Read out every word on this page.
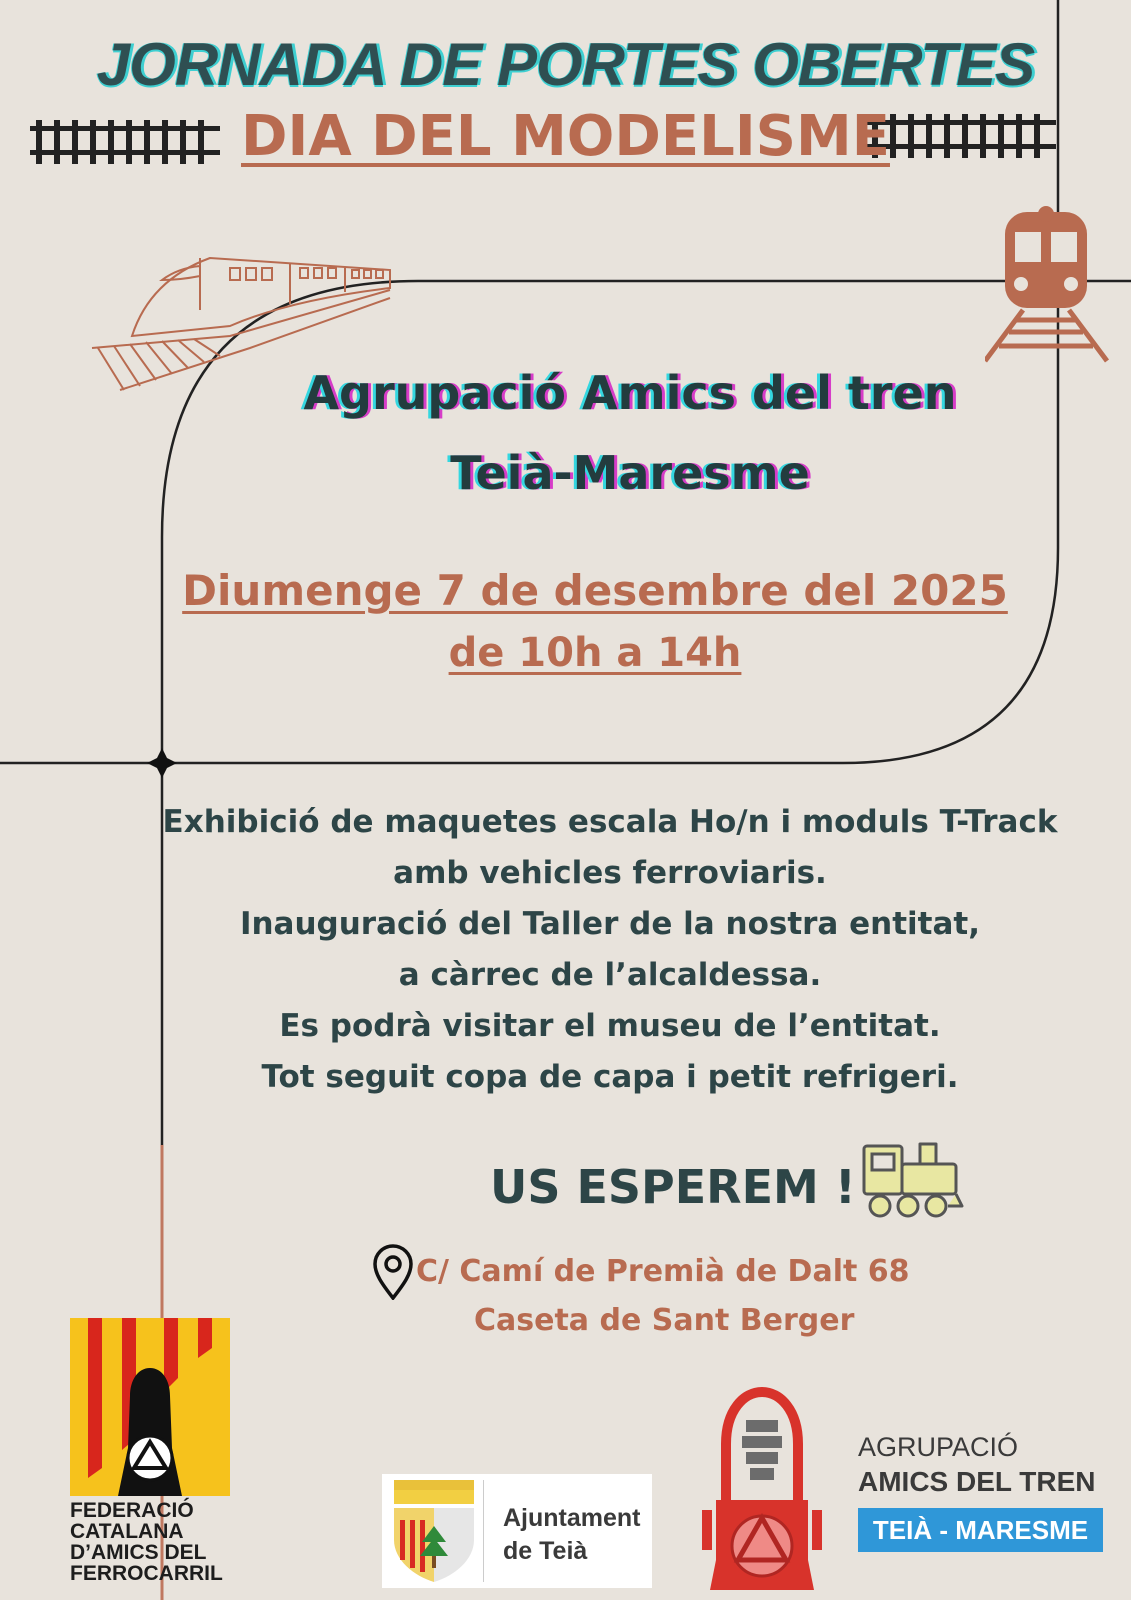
JORNADA DE PORTES OBERTES
DIA DEL MODELISME
Agrupació Amics del tren
Teià-Maresme
Diumenge 7 de desembre del 2025
de 10h a 14h
Exhibició de maquetes escala Ho/n i moduls T-Track
amb vehicles ferroviaris.
Inauguració del Taller de la nostra entitat,
a càrrec de l’alcaldessa.
Es podrà visitar el museu de l’entitat.
Tot seguit copa de capa i petit refrigeri.
US ESPEREM !
C/ Camí de Premià de Dalt 68
Caseta de Sant Berger
FEDERACIÓ
CATALANA
D’AMICS DEL
FERROCARRIL
Ajuntament
de Teià
AGRUPACIÓ
AMICS DEL TREN
TEIÀ - MARESME
